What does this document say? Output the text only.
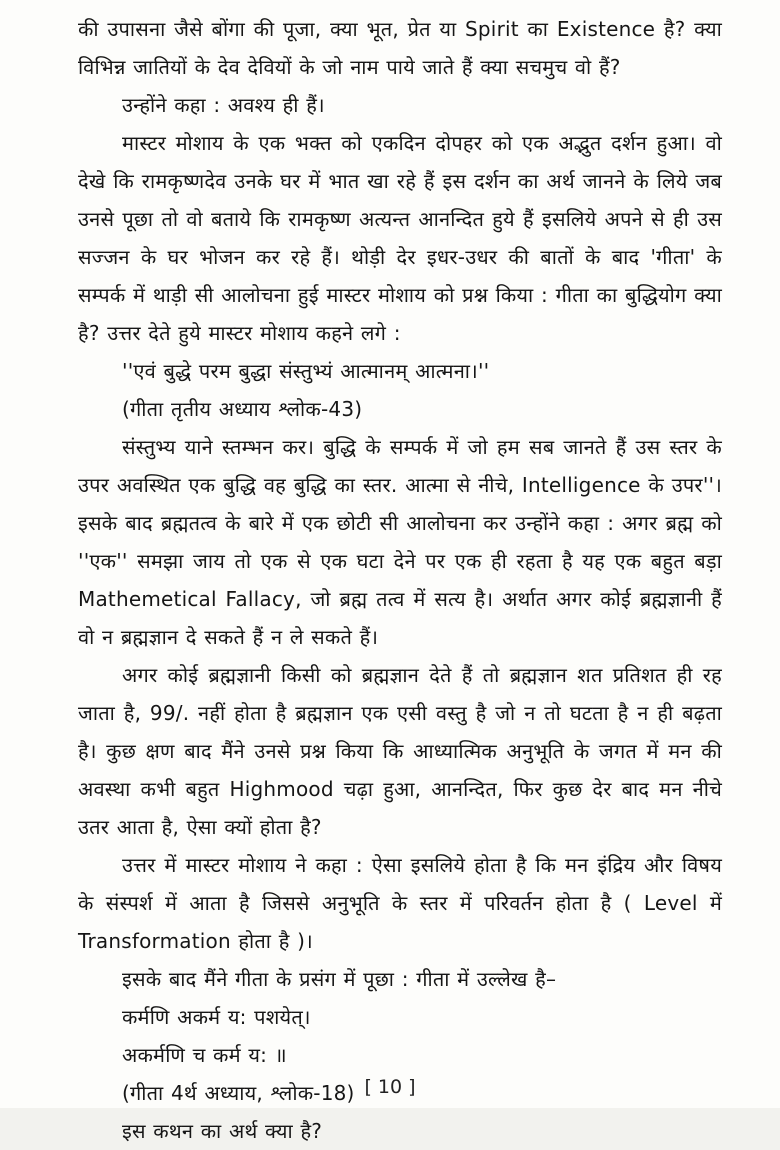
की उपासना जैसे बोंगा की पूजा, क्या भूत, प्रेत या Spirit का Existence है? क्या विभिन्न जातियों के देव देवियों के जो नाम पाये जाते हैं क्या सचमुच वो हैं?

उन्होंने कहा : अवश्य ही हैं।

मास्टर मोशाय के एक भक्त को एकदिन दोपहर को एक अद्भुत दर्शन हुआ। वो देखे कि रामकृष्णदेव उनके घर में भात खा रहे हैं इस दर्शन का अर्थ जानने के लिये जब उनसे पूछा तो वो बताये कि रामकृष्ण अत्यन्त आनन्दित हुये हैं इसलिये अपने से ही उस सज्जन के घर भोजन कर रहे हैं। थोड़ी देर इधर-उधर की बातों के बाद 'गीता' के सम्पर्क में थाड़ी सी आलोचना हुई मास्टर मोशाय को प्रश्न किया : गीता का बुद्धियोग क्या है? उत्तर देते हुये मास्टर मोशाय कहने लगे :

''एवं बुद्धे परम बुद्धा संस्तुभ्यं आत्मानम् आत्मना।''

(गीता तृतीय अध्याय श्लोक-43)

संस्तुभ्य याने स्तम्भन कर। बुद्धि के सम्पर्क में जो हम सब जानते हैं उस स्तर के उपर अवस्थित एक बुद्धि वह बुद्धि का स्तर. आत्मा से नीचे, Intelligence के उपर''। इसके बाद ब्रह्मतत्व के बारे में एक छोटी सी आलोचना कर उन्होंने कहा : अगर ब्रह्म को ''एक'' समझा जाय तो एक से एक घटा देने पर एक ही रहता है यह एक बहुत बड़ा Mathemetical Fallacy, जो ब्रह्म तत्व में सत्य है। अर्थात अगर कोई ब्रह्मज्ञानी हैं वो न ब्रह्मज्ञान दे सकते हैं न ले सकते हैं।

अगर कोई ब्रह्मज्ञानी किसी को ब्रह्मज्ञान देते हैं तो ब्रह्मज्ञान शत प्रतिशत ही रह जाता है, 99/. नहीं होता है ब्रह्मज्ञान एक एसी वस्तु है जो न तो घटता है न ही बढ़ता है। कुछ क्षण बाद मैंने उनसे प्रश्न किया कि आध्यात्मिक अनुभूति के जगत में मन की अवस्था कभी बहुत Highmood चढ़ा हुआ, आनन्दित, फिर कुछ देर बाद मन नीचे उतर आता है, ऐसा क्यों होता है?

उत्तर में मास्टर मोशाय ने कहा : ऐसा इसलिये होता है कि मन इंद्रिय और विषय के संस्पर्श में आता है जिससे अनुभूति के स्तर में परिवर्तन होता है ( Level में Transformation होता है )।

इसके बाद मैंने गीता के प्रसंग में पूछा : गीता में उल्लेख है–

कर्मणि अकर्म य: पशयेत्।

अकर्मणि च कर्म य: ॥

(गीता 4र्थ अध्याय, श्लोक-18)

इस कथन का अर्थ क्या है?

[ 10 ]
